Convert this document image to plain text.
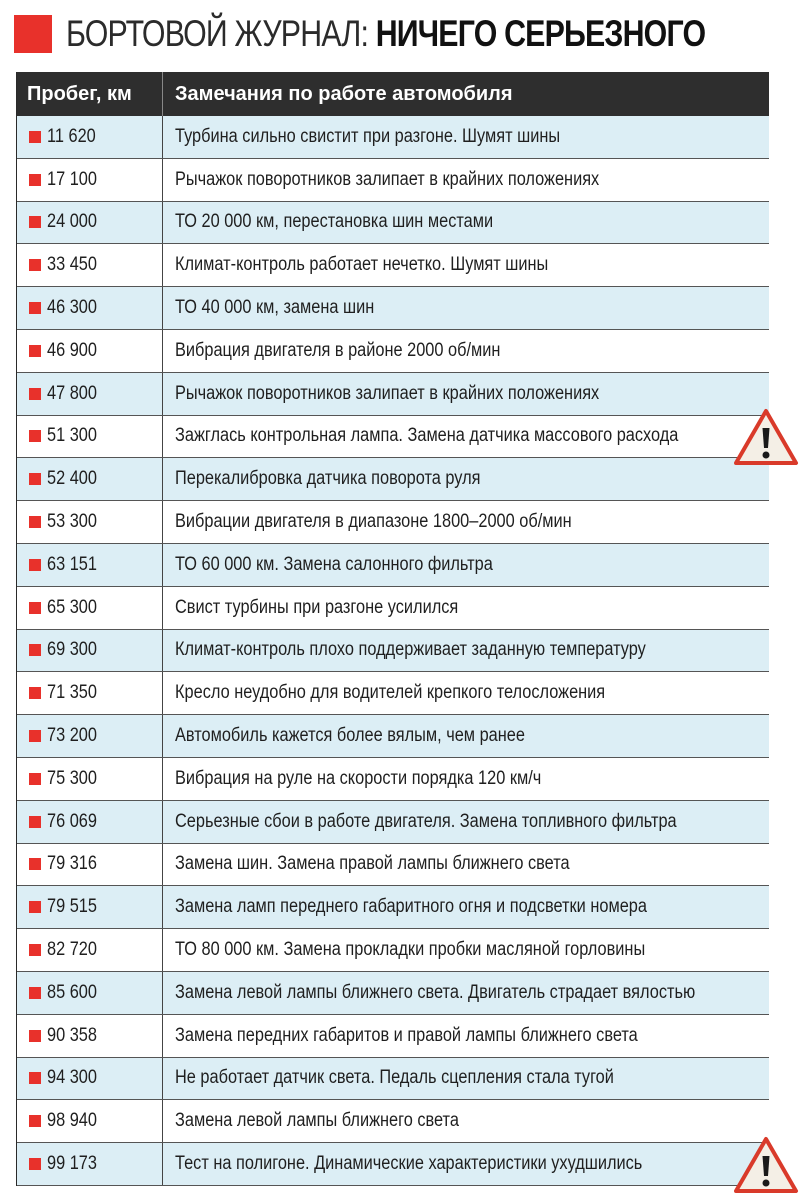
БОРТОВОЙ ЖУРНАЛ: НИЧЕГО СЕРЬЕЗНОГО
Пробег, км	Замечания по работе автомобиля
11 620	Турбина сильно свистит при разгоне. Шумят шины
17 100	Рычажок поворотников залипает в крайних положениях
24 000	ТО 20 000 км, перестановка шин местами
33 450	Климат-контроль работает нечетко. Шумят шины
46 300	ТО 40 000 км, замена шин
46 900	Вибрация двигателя в районе 2000 об/мин
47 800	Рычажок поворотников залипает в крайних положениях
51 300	Зажглась контрольная лампа. Замена датчика массового расхода
52 400	Перекалибровка датчика поворота руля
53 300	Вибрации двигателя в диапазоне 1800–2000 об/мин
63 151	ТО 60 000 км. Замена салонного фильтра
65 300	Свист турбины при разгоне усилился
69 300	Климат-контроль плохо поддерживает заданную температуру
71 350	Кресло неудобно для водителей крепкого телосложения
73 200	Автомобиль кажется более вялым, чем ранее
75 300	Вибрация на руле на скорости порядка 120 км/ч
76 069	Серьезные сбои в работе двигателя. Замена топливного фильтра
79 316	Замена шин. Замена правой лампы ближнего света
79 515	Замена ламп переднего габаритного огня и подсветки номера
82 720	ТО 80 000 км. Замена прокладки пробки масляной горловины
85 600	Замена левой лампы ближнего света. Двигатель страдает вялостью
90 358	Замена передних габаритов и правой лампы ближнего света
94 300	Не работает датчик света. Педаль сцепления стала тугой
98 940	Замена левой лампы ближнего света
99 173	Тест на полигоне. Динамические характеристики ухудшились
